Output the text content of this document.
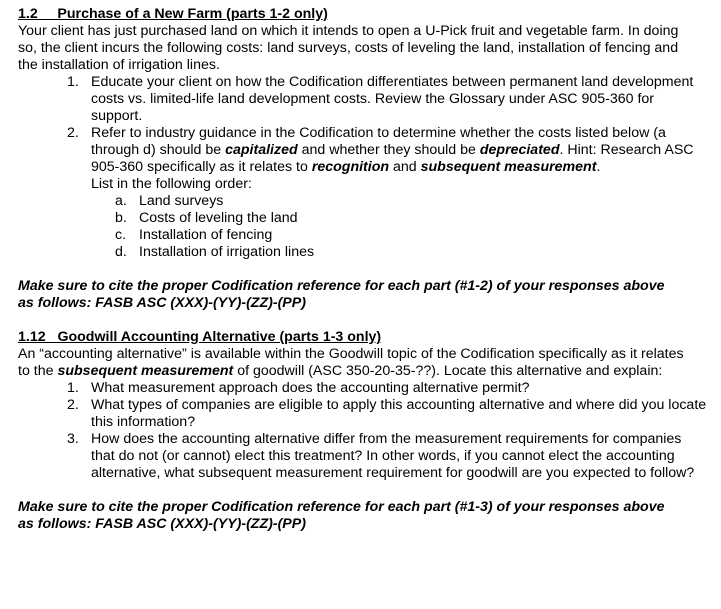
1.2     Purchase of a New Farm (parts 1-2 only)

Your client has just purchased land on which it intends to open a U-Pick fruit and vegetable farm. In doing so, the client incurs the following costs: land surveys, costs of leveling the land, installation of fencing and the installation of irrigation lines.

1. Educate your client on how the Codification differentiates between permanent land development costs vs. limited-life land development costs. Review the Glossary under ASC 905-360 for support.
2. Refer to industry guidance in the Codification to determine whether the costs listed below (a through d) should be capitalized and whether they should be depreciated. Hint: Research ASC 905-360 specifically as it relates to recognition and subsequent measurement.

List in the following order:

a. Land surveys
b. Costs of leveling the land
c. Installation of fencing
d. Installation of irrigation lines

Make sure to cite the proper Codification reference for each part (#1-2) of your responses above as follows: FASB ASC (XXX)-(YY)-(ZZ)-(PP)

1.12   Goodwill Accounting Alternative (parts 1-3 only)

An “accounting alternative” is available within the Goodwill topic of the Codification specifically as it relates to the subsequent measurement of goodwill (ASC 350-20-35-??). Locate this alternative and explain:

1. What measurement approach does the accounting alternative permit?
2. What types of companies are eligible to apply this accounting alternative and where did you locate this information?
3. How does the accounting alternative differ from the measurement requirements for companies that do not (or cannot) elect this treatment? In other words, if you cannot elect the accounting alternative, what subsequent measurement requirement for goodwill are you expected to follow?

Make sure to cite the proper Codification reference for each part (#1-3) of your responses above as follows: FASB ASC (XXX)-(YY)-(ZZ)-(PP)
